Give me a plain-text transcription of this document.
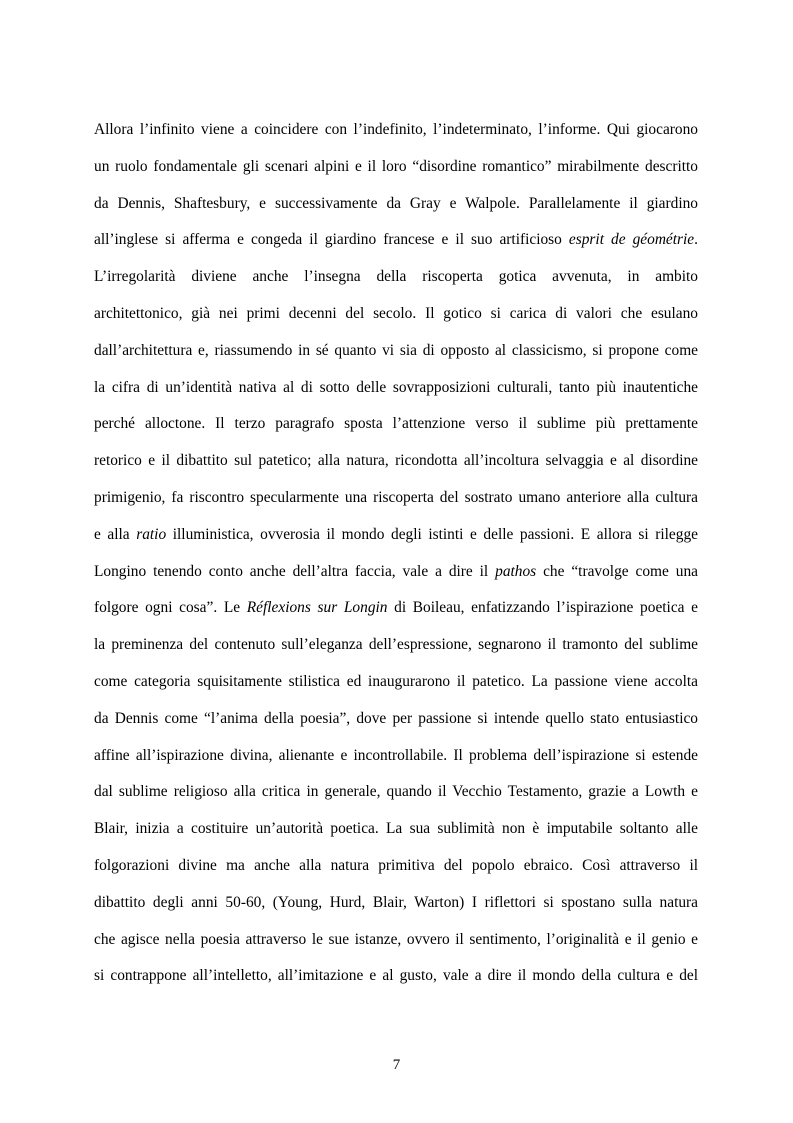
Allora l’infinito viene a coincidere con l’indefinito, l’indeterminato, l’informe. Qui giocarono
un ruolo fondamentale gli scenari alpini e il loro “disordine romantico” mirabilmente descritto
da Dennis, Shaftesbury, e successivamente da Gray e Walpole. Parallelamente il giardino
all’inglese si afferma e congeda il giardino francese e il suo artificioso esprit de géométrie.
L’irregolarità diviene anche l’insegna della riscoperta gotica avvenuta, in ambito
architettonico, già nei primi decenni del secolo. Il gotico si carica di valori che esulano
dall’architettura e, riassumendo in sé quanto vi sia di opposto al classicismo, si propone come
la cifra di un’identità nativa al di sotto delle sovrapposizioni culturali, tanto più inautentiche
perché alloctone. Il terzo paragrafo sposta l’attenzione verso il sublime più prettamente
retorico e il dibattito sul patetico; alla natura, ricondotta all’incoltura selvaggia e al disordine
primigenio, fa riscontro specularmente una riscoperta del sostrato umano anteriore alla cultura
e alla ratio illuministica, ovverosia il mondo degli istinti e delle passioni. E allora si rilegge
Longino tenendo conto anche dell’altra faccia, vale a dire il pathos che “travolge come una
folgore ogni cosa”. Le Réflexions sur Longin di Boileau, enfatizzando l’ispirazione poetica e
la preminenza del contenuto sull’eleganza dell’espressione, segnarono il tramonto del sublime
come categoria squisitamente stilistica ed inaugurarono il patetico. La passione viene accolta
da Dennis come “l’anima della poesia”, dove per passione si intende quello stato entusiastico
affine all’ispirazione divina, alienante e incontrollabile. Il problema dell’ispirazione si estende
dal sublime religioso alla critica in generale, quando il Vecchio Testamento, grazie a Lowth e
Blair, inizia a costituire un’autorità poetica. La sua sublimità non è imputabile soltanto alle
folgorazioni divine ma anche alla natura primitiva del popolo ebraico. Così attraverso il
dibattito degli anni 50-60, (Young, Hurd, Blair, Warton) I riflettori si spostano sulla natura
che agisce nella poesia attraverso le sue istanze, ovvero il sentimento, l’originalità e il genio e
si contrappone all’intelletto, all’imitazione e al gusto, vale a dire il mondo della cultura e del
7
